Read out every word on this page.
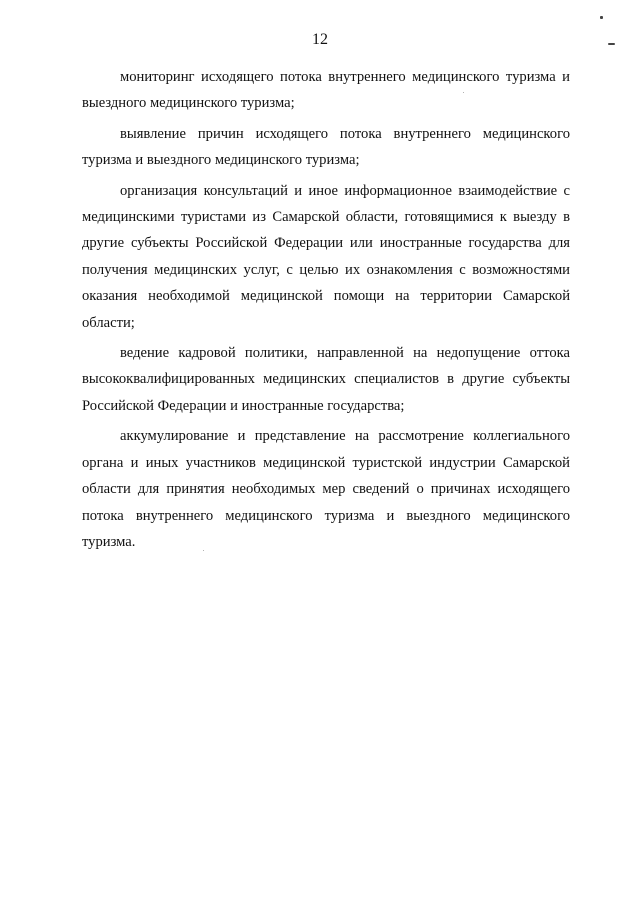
12

мониторинг исходящего потока внутреннего медицинского туризма и выездного медицинского туризма;

выявление причин исходящего потока внутреннего медицинского туризма и выездного медицинского туризма;

организация консультаций и иное информационное взаимодействие с медицинскими туристами из Самарской области, готовящимися к выезду в другие субъекты Российской Федерации или иностранные государства для получения медицинских услуг, с целью их ознакомления с возможностями оказания необходимой медицинской помощи на территории Самарской области;

ведение кадровой политики, направленной на недопущение оттока высококвалифицированных медицинских специалистов в другие субъекты Российской Федерации и иностранные государства;

аккумулирование и представление на рассмотрение коллегиального органа и иных участников медицинской туристской индустрии Самарской области для принятия необходимых мер сведений о причинах исходящего потока внутреннего медицинского туризма и выездного медицинского туризма.
